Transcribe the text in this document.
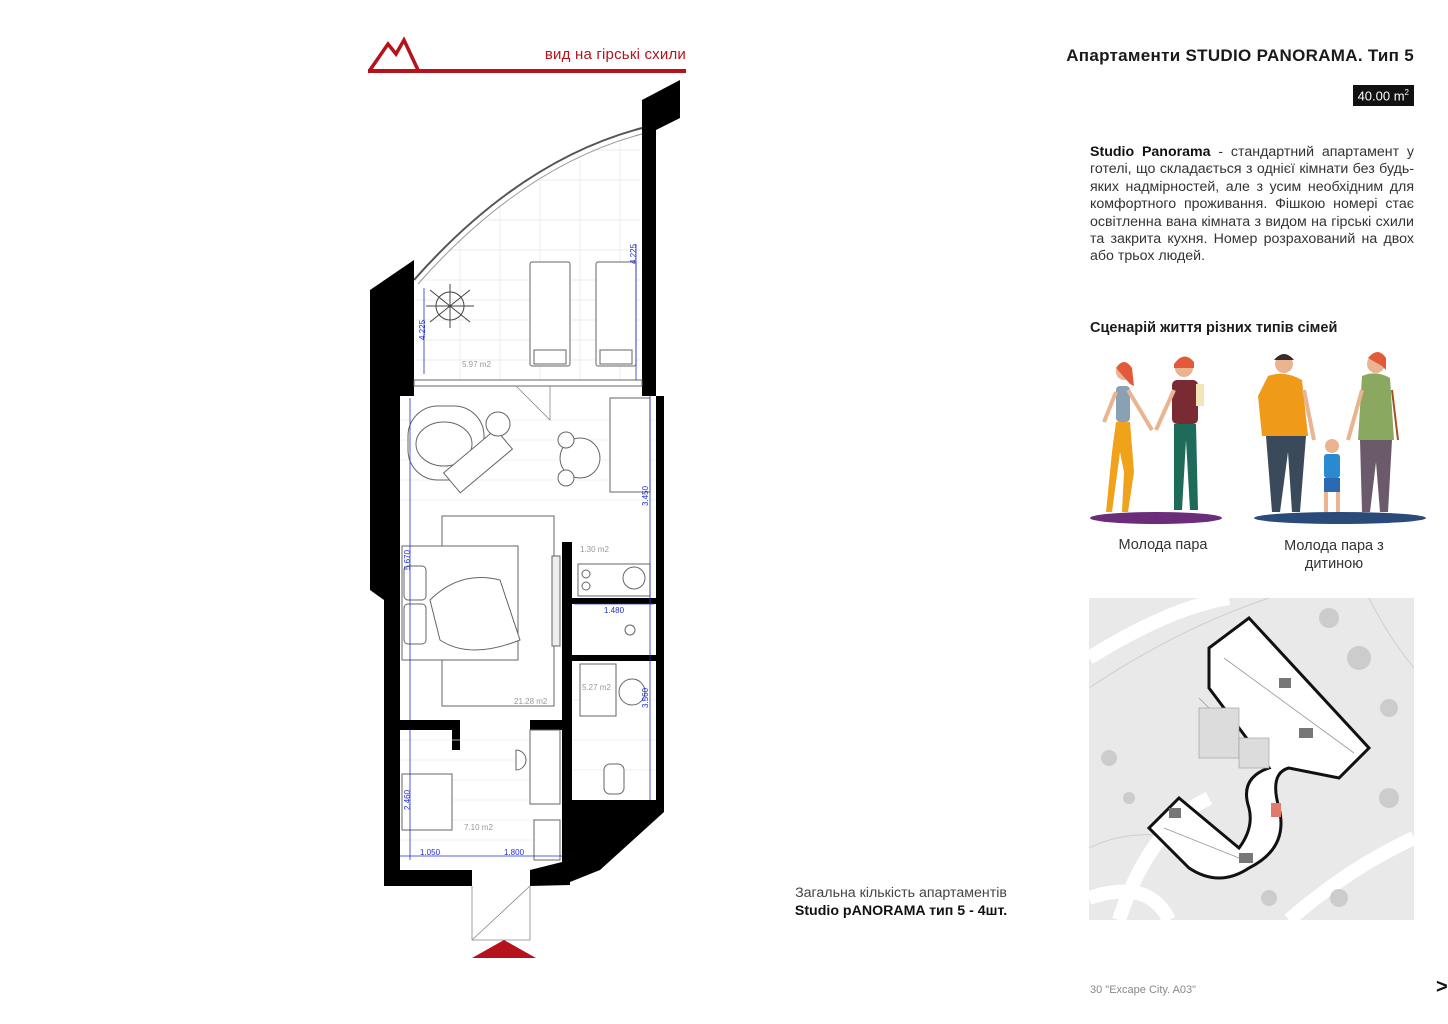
вид на гірські схили	Апартаменти STUDIO PANORAMA. Тип 5
40.00 $m^2$
Studio Panorama - стандартний апартамент у готелі, що складається з однієї кімнати без будь-яких надмірностей, але з усим необхідним для комфортного проживання. Фішкою номері стає освітленна вана кімната з видом на гірські схили та закрита кухня. Номер розрахований на двох або трьох людей.
Сценарій життя різних типів сімей
Молода пара	Молода пара з дитиною
4.225
4.225
3.450
5.670
1.480
3.560
2.460
1.050	1.800
5.97 m2
1.30 m2
21.28 m2
5.27 m2
7.10 m2
Загальна кількість апартаментів
Studio pANORAMA тип 5 - 4шт.
30 "Excape City. A03"	>
